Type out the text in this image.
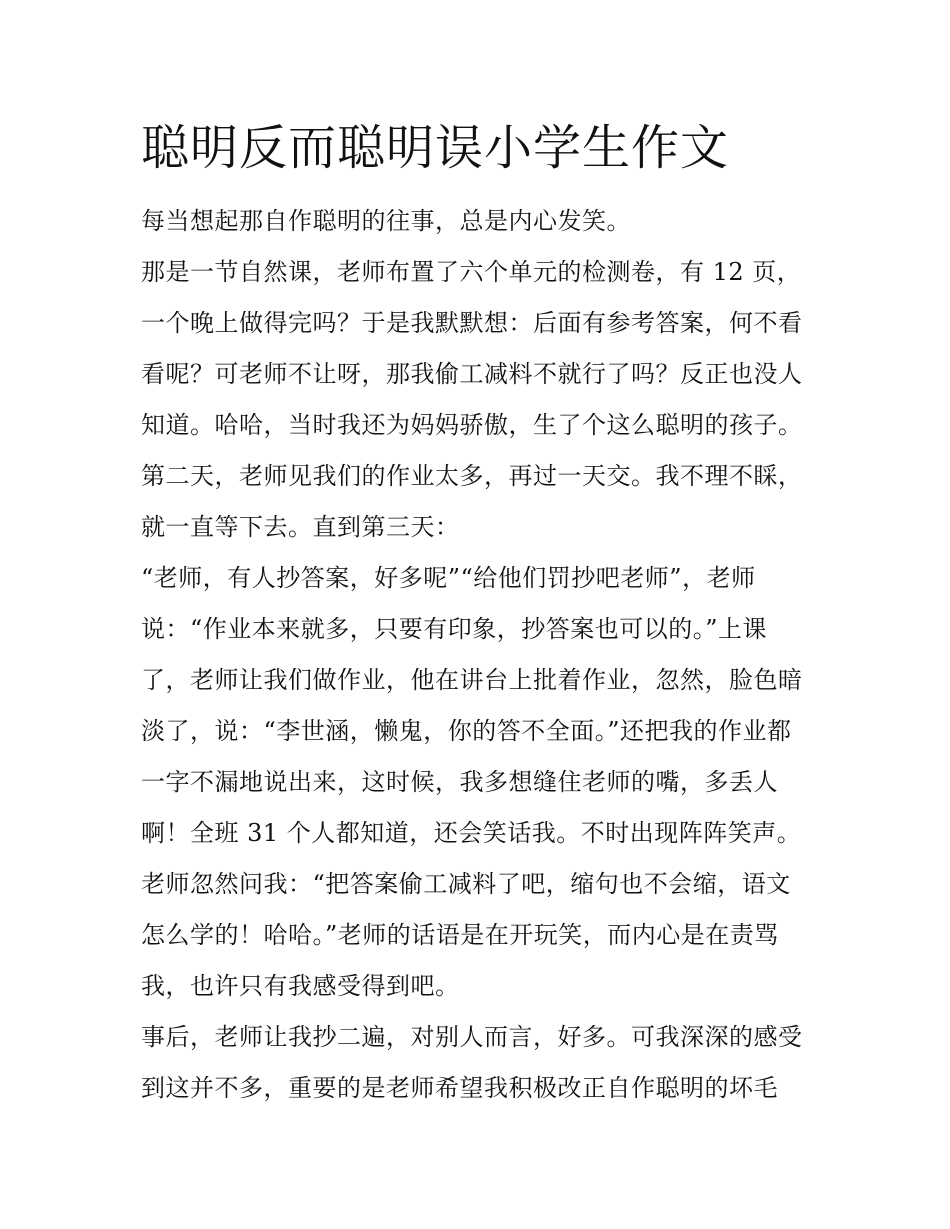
聪明反而聪明误小学生作文

每当想起那自作聪明的往事，总是内心发笑。

那是一节自然课，老师布置了六个单元的检测卷，有 12 页，

一个晚上做得完吗？于是我默默想：后面有参考答案，何不看

看呢？可老师不让呀，那我偷工减料不就行了吗？反正也没人

知道。哈哈，当时我还为妈妈骄傲，生了个这么聪明的孩子。

第二天，老师见我们的作业太多，再过一天交。我不理不睬，

就一直等下去。直到第三天：

“老师，有人抄答案，好多呢”“给他们罚抄吧老师”，老师

说：“作业本来就多，只要有印象，抄答案也可以的。”上课

了，老师让我们做作业，他在讲台上批着作业，忽然，脸色暗

淡了，说：“李世涵，懒鬼，你的答不全面。”还把我的作业都

一字不漏地说出来，这时候，我多想缝住老师的嘴，多丢人

啊！全班 31 个人都知道，还会笑话我。不时出现阵阵笑声。

老师忽然问我：“把答案偷工减料了吧，缩句也不会缩，语文

怎么学的！哈哈。”老师的话语是在开玩笑，而内心是在责骂

我，也许只有我感受得到吧。

事后，老师让我抄二遍，对别人而言，好多。可我深深的感受

到这并不多，重要的是老师希望我积极改正自作聪明的坏毛
